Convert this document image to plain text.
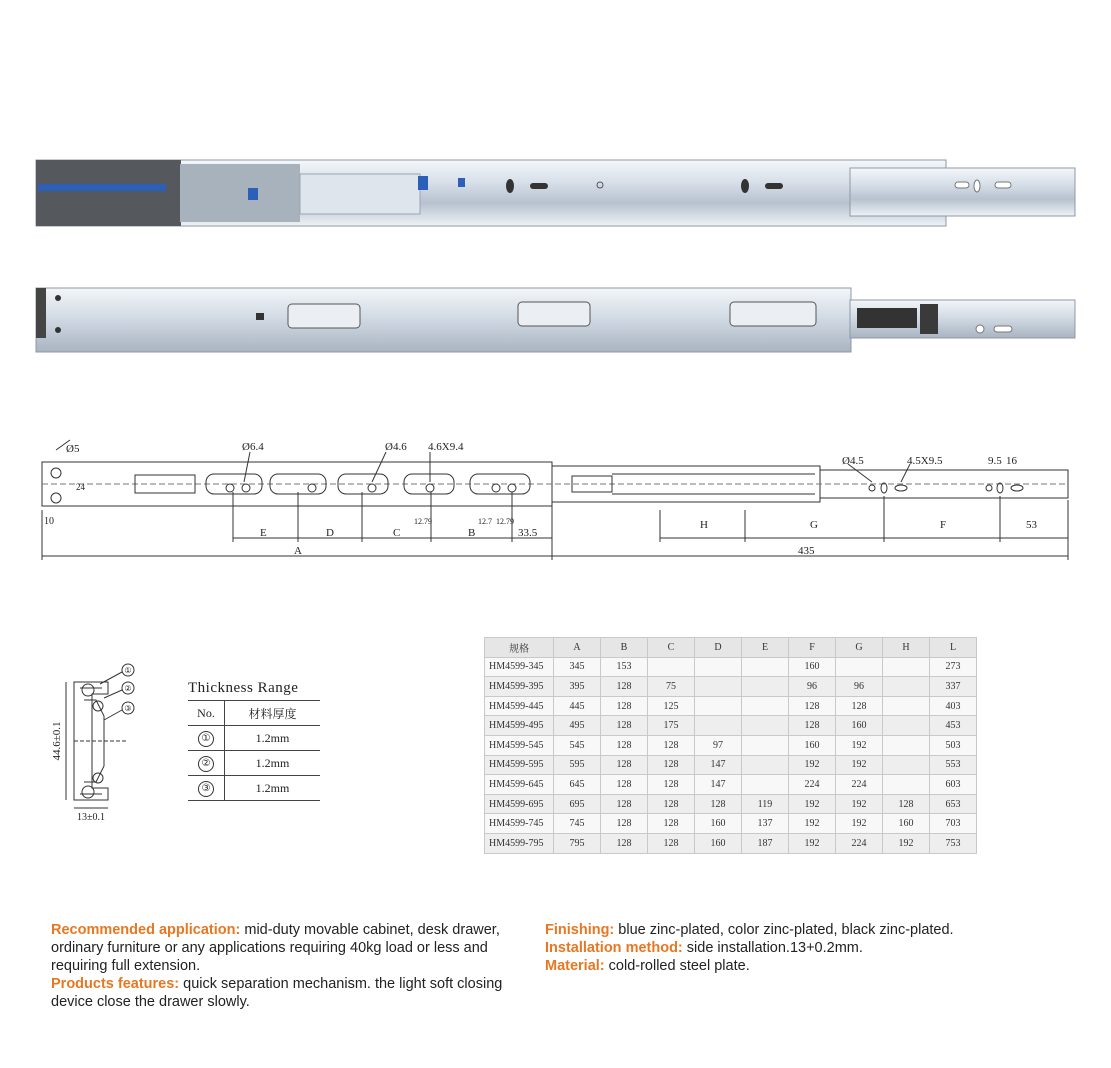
Ø5	Ø6.4	Ø4.6 4.6X9.4
Ø4.5	4.5X9.5	9.5 16
24
10
E	D	C	B	33.5
A
H	G	F	53
435
12.79	12.7 12.79
①
②
③
44.6±0.1
13±0.1
Thickness Range
No.	材料厚度
①	1.2mm
②	1.2mm
③	1.2mm
规格	A	B	C	D	E	F	G	H	L
HM4599-345	345	153				160			273
HM4599-395	395	128	75			96	96		337
HM4599-445	445	128	125			128	128		403
HM4599-495	495	128	175			128	160		453
HM4599-545	545	128	128	97		160	192		503
HM4599-595	595	128	128	147		192	192		553
HM4599-645	645	128	128	147		224	224		603
HM4599-695	695	128	128	128	119	192	192	128	653
HM4599-745	745	128	128	160	137	192	192	160	703
HM4599-795	795	128	128	160	187	192	224	192	753
Recommended application: mid-duty movable cabinet, desk drawer, ordinary furniture or any applications requiring 40kg load or less and requiring full extension.
Products features: quick separation mechanism. the light soft closing device close the drawer slowly.
Finishing: blue zinc-plated, color zinc-plated, black zinc-plated.
Installation method: side installation.13+0.2mm.
Material: cold-rolled steel plate.
